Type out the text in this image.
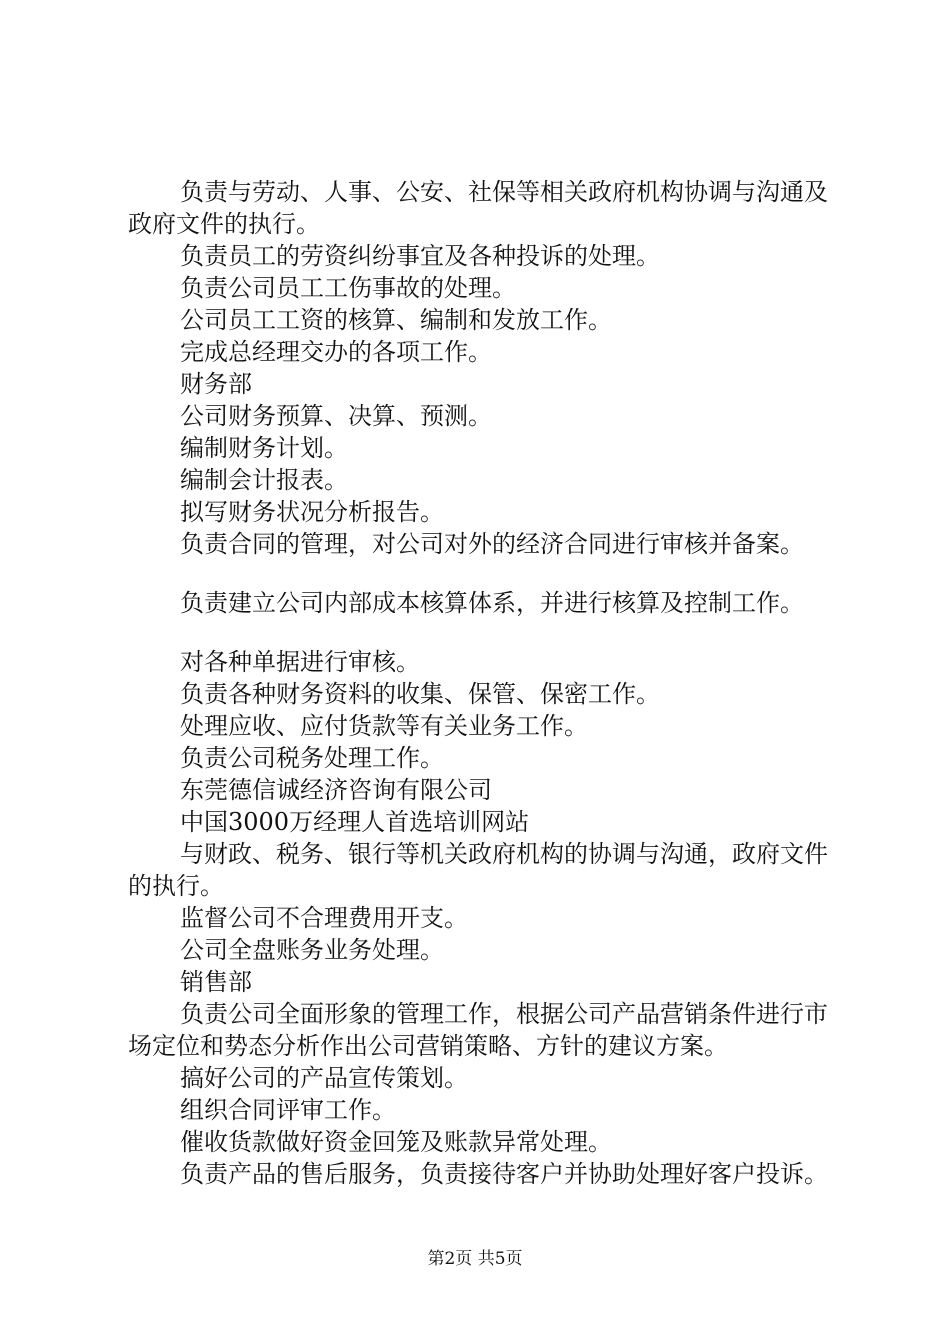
负责与劳动、人事、公安、社保等相关政府机构协调与沟通及政府文件的执行。

负责员工的劳资纠纷事宜及各种投诉的处理。

负责公司员工工伤事故的处理。

公司员工工资的核算、编制和发放工作。

完成总经理交办的各项工作。

财务部

公司财务预算、决算、预测。

编制财务计划。

编制会计报表。

拟写财务状况分析报告。

负责合同的管理，对公司对外的经济合同进行审核并备案。

负责建立公司内部成本核算体系，并进行核算及控制工作。

对各种单据进行审核。

负责各种财务资料的收集、保管、保密工作。

处理应收、应付货款等有关业务工作。

负责公司税务处理工作。

东莞德信诚经济咨询有限公司

中国3000万经理人首选培训网站

与财政、税务、银行等机关政府机构的协调与沟通，政府文件的执行。

监督公司不合理费用开支。

公司全盘账务业务处理。

销售部

负责公司全面形象的管理工作，根据公司产品营销条件进行市场定位和势态分析作出公司营销策略、方针的建议方案。

搞好公司的产品宣传策划。

组织合同评审工作。

催收货款做好资金回笼及账款异常处理。

负责产品的售后服务，负责接待客户并协助处理好客户投诉。

第2页 共5页
